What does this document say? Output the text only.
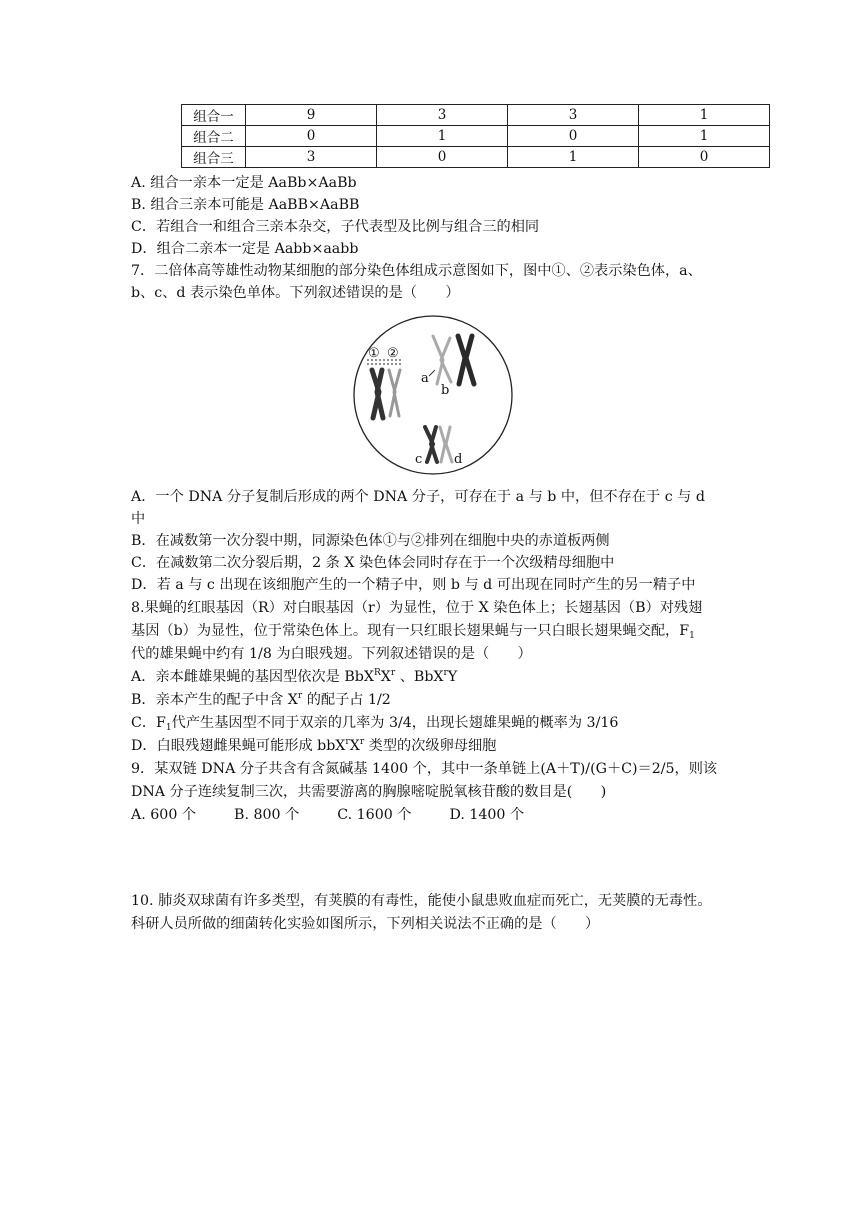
组合一	9	3	3	1
组合二	0	1	0	1
组合三	3	0	1	0
A. 组合一亲本一定是 AaBb×AaBb
B. 组合三亲本可能是 AaBB×AaBB
C．若组合一和组合三亲本杂交，子代表型及比例与组合三的相同
D．组合二亲本一定是 Aabb×aabb
7．二倍体高等雄性动物某细胞的部分染色体组成示意图如下，图中①、②表示染色体，a、
b、c、d 表示染色单体。下列叙述错误的是（　　）
① ②
a
b
c d
A．一个 DNA 分子复制后形成的两个 DNA 分子，可存在于 a 与 b 中，但不存在于 c 与 d
中
B．在减数第一次分裂中期，同源染色体①与②排列在细胞中央的赤道板两侧
C．在减数第二次分裂后期，2 条 X 染色体会同时存在于一个次级精母细胞中
D．若 a 与 c 出现在该细胞产生的一个精子中，则 b 与 d 可出现在同时产生的另一精子中
8.果蝇的红眼基因（R）对白眼基因（r）为显性，位于 X 染色体上；长翅基因（B）对残翅
基因（b）为显性，位于常染色体上。现有一只红眼长翅果蝇与一只白眼长翅果蝇交配，$F_1$
代的雄果蝇中约有 1/8 为白眼残翅。下列叙述错误的是（　　）
A．亲本雌雄果蝇的基因型依次是 $BbX^RX^r$ 、BbX$^r$Y
B．亲本产生的配子中含 $X^r$ 的配子占 1/2
C．$F_1$代产生基因型不同于双亲的几率为 3/4，出现长翅雄果蝇的概率为 3/16
D．白眼残翅雌果蝇可能形成 $bbX^rX^r$ 类型的次级卵母细胞
9．某双链 DNA 分子共含有含氮碱基 1400 个，其中一条单链上(A＋T)/(G＋C)＝2/5，则该
DNA 分子连续复制三次，共需要游离的胸腺嘧啶脱氧核苷酸的数目是(　　)
A. 600 个	B. 800 个	C. 1600 个	D. 1400 个
10. 肺炎双球菌有许多类型，有荚膜的有毒性，能使小鼠患败血症而死亡，无荚膜的无毒性。
科研人员所做的细菌转化实验如图所示，下列相关说法不正确的是（　　）
